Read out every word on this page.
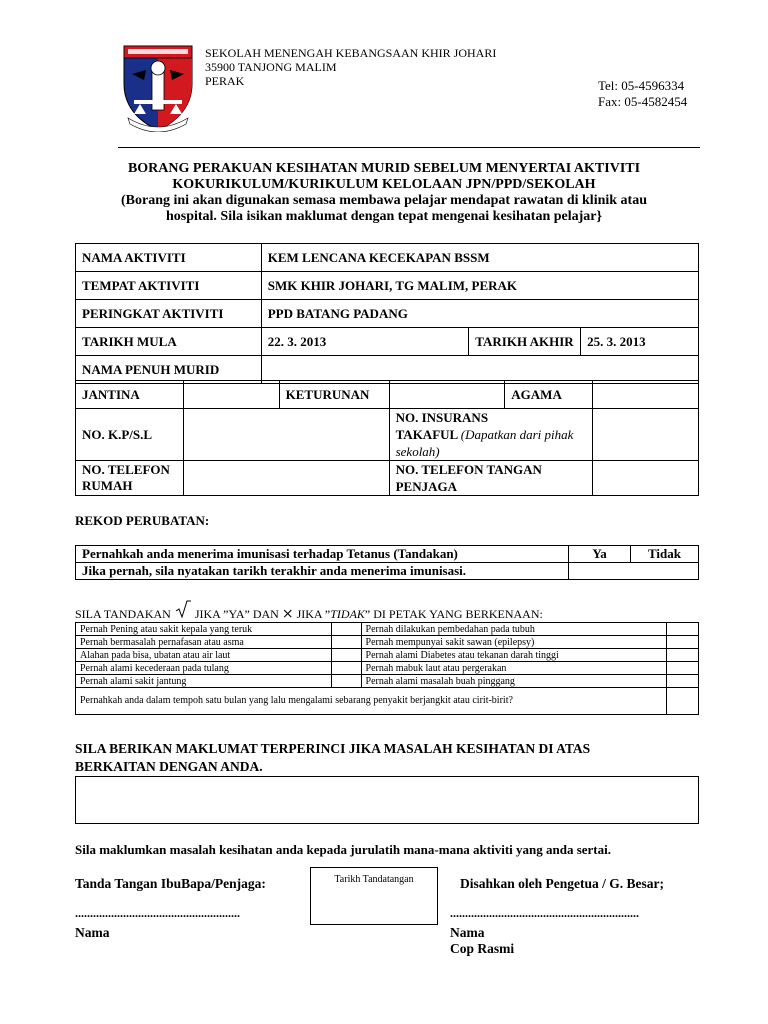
SEKOLAH MENENGAH KEBANGSAAN KHIR JOHARI
35900 TANJONG MALIM
PERAK	Tel: 05-4596334
Fax: 05-4582454
BORANG PERAKUAN KESIHATAN MURID SEBELUM MENYERTAI AKTIVITI
KOKURIKULUM/KURIKULUM KELOLAAN JPN/PPD/SEKOLAH
(Borang ini akan digunakan semasa membawa pelajar mendapat rawatan di klinik atau
hospital. Sila isikan maklumat dengan tepat mengenai kesihatan pelajar}
NAMA AKTIVITI	KEM LENCANA KECEKAPAN BSSM		
TEMPAT AKTIVITI	SMK KHIR JOHARI, TG MALIM, PERAK		
PERINGKAT AKTIVITI	PPD BATANG PADANG		
TARIKH MULA	22. 3. 2013	TARIKH AKHIR	25. 3. 2013
NAMA PENUH MURID			
JANTINA		KETURUNAN		AGAMA	
NO. K.P/S.L			NO. INSURANS
TAKAFUL (Dapatkan dari pihak sekolah)		
NO. TELEFON RUMAH			NO. TELEFON TANGAN PENJAGA		
REKOD PERUBATAN:
Pernahkah anda menerima imunisasi terhadap Tetanus (Tandakan)	Ya	Tidak
Jika pernah, sila nyatakan tarikh terakhir anda menerima imunisasi.		
SILA TANDAKAN JIKA ”YA” DAN ⨯ JIKA ”TIDAK” DI PETAK YANG BERKENAAN:
Pernah Pening atau sakit kepala yang teruk		Pernah dilakukan pembedahan pada tubuh	
Pernah bermasalah pernafasan atau asma		Pernah mempunyai sakit sawan (epilepsy)	
Alahan pada bisa, ubatan atau air laut		Pernah alami Diabetes atau tekanan darah tinggi	
Pernah alami kecederaan pada tulang		Pernah mabuk laut atau pergerakan	
Pernah alami sakit jantung		Pernah alami masalah buah pinggang	
Pernahkah anda dalam tempoh satu bulan yang lalu mengalami sebarang penyakit berjangkit atau cirit-birit?			
SILA BERIKAN MAKLUMAT TERPERINCI JIKA MASALAH KESIHATAN DI ATAS
BERKAITAN DENGAN ANDA.
Sila maklumkan masalah kesihatan anda kepada jurulatih mana-mana aktiviti yang anda sertai.
Tanda Tangan IbuBapa/Penjaga:	Tarikh Tandatangan	Disahkan oleh Pengetua / G. Besar;
.......................................................	...............................................................
Nama	Nama
Cop Rasmi
